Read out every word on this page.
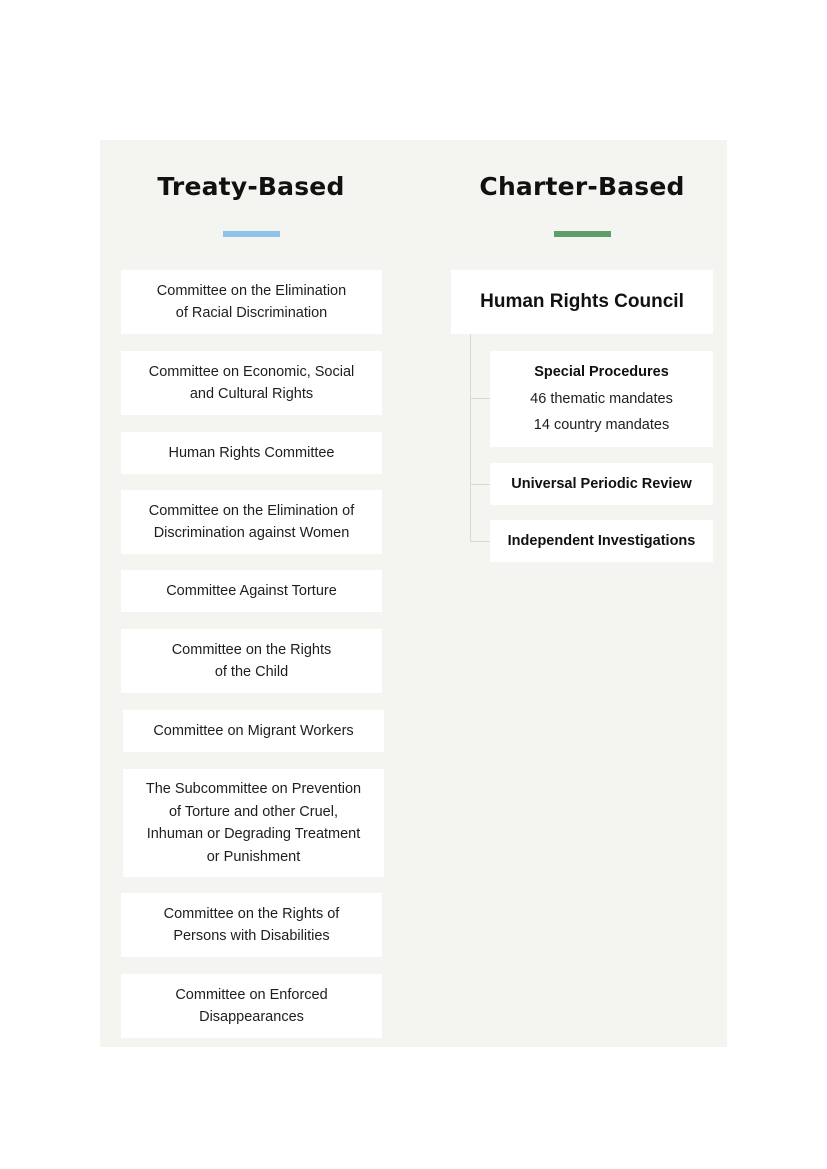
Treaty-Based	Charter-Based
Committee on the Elimination
of Racial Discrimination
Committee on Economic, Social
and Cultural Rights
Human Rights Committee
Committee on the Elimination of
Discrimination against Women
Committee Against Torture
Committee on the Rights
of the Child
Committee on Migrant Workers
The Subcommittee on Prevention
of Torture and other Cruel,
Inhuman or Degrading Treatment
or Punishment
Committee on the Rights of
Persons with Disabilities
Committee on Enforced
Disappearances
Human Rights Council
Special Procedures
46 thematic mandates
14 country mandates
Universal Periodic Review
Independent Investigations
